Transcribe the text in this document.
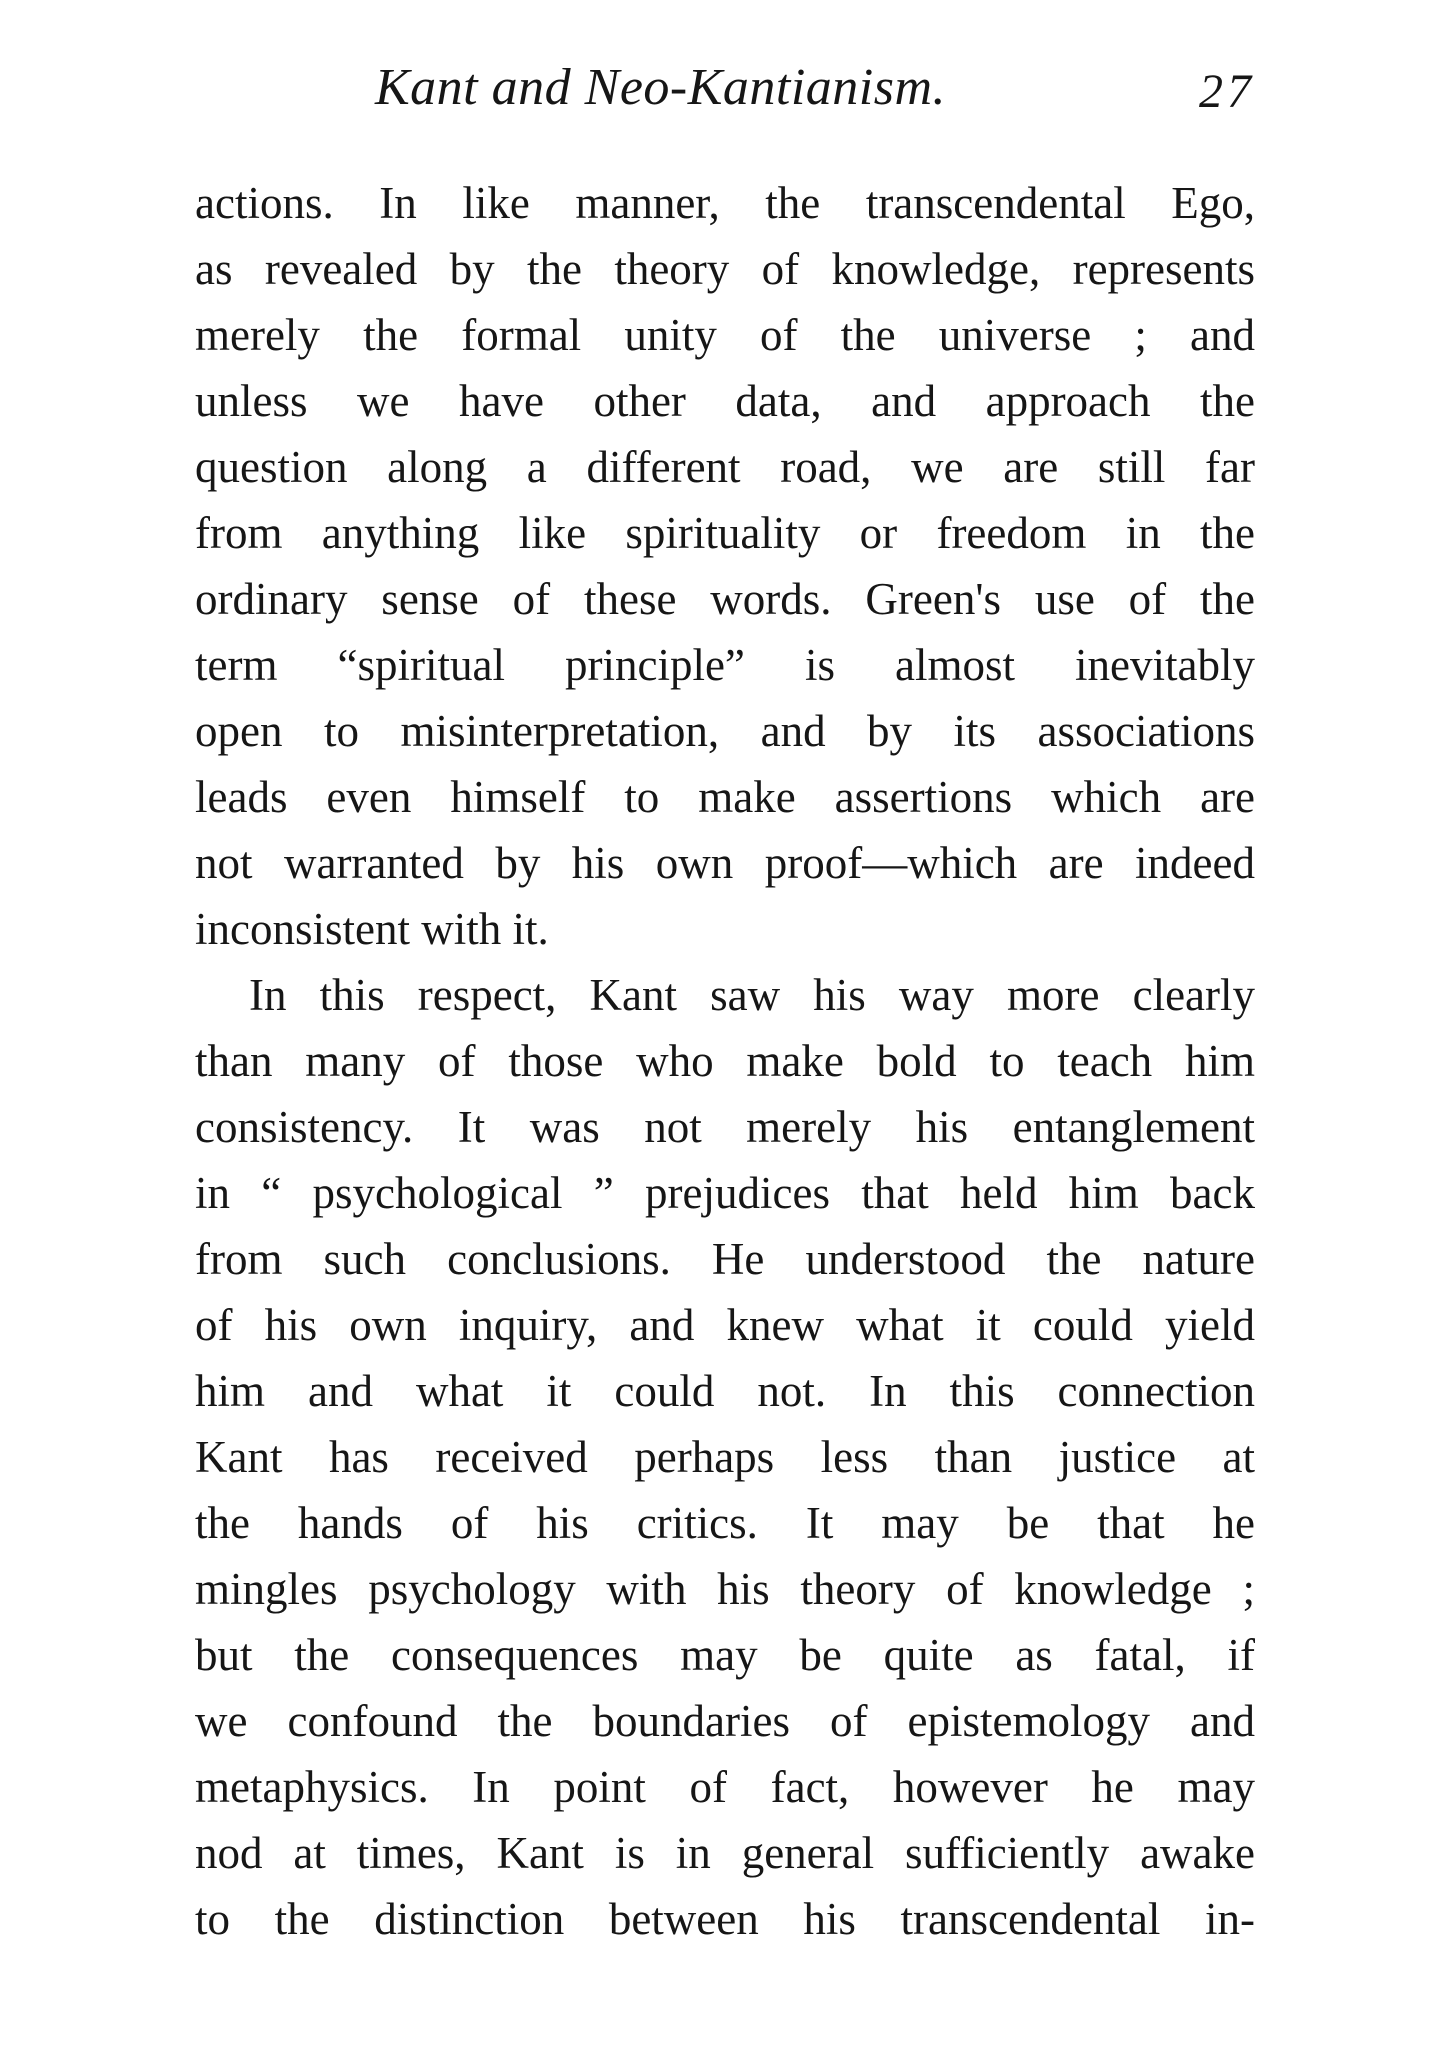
Kant and Neo-Kantianism.	27
actions. In like manner, the transcendental Ego,
as revealed by the theory of knowledge, represents
merely the formal unity of the universe ; and
unless we have other data, and approach the
question along a different road, we are still far
from anything like spirituality or freedom in the
ordinary sense of these words. Green's use of the
term “spiritual principle” is almost inevitably
open to misinterpretation, and by its associations
leads even himself to make assertions which are
not warranted by his own proof—which are indeed
inconsistent with it.
In this respect, Kant saw his way more clearly
than many of those who make bold to teach him
consistency. It was not merely his entanglement
in “ psychological ” prejudices that held him back
from such conclusions. He understood the nature
of his own inquiry, and knew what it could yield
him and what it could not. In this connection
Kant has received perhaps less than justice at
the hands of his critics. It may be that he
mingles psychology with his theory of knowledge ;
but the consequences may be quite as fatal, if
we confound the boundaries of epistemology and
metaphysics. In point of fact, however he may
nod at times, Kant is in general sufficiently awake
to the distinction between his transcendental in-
